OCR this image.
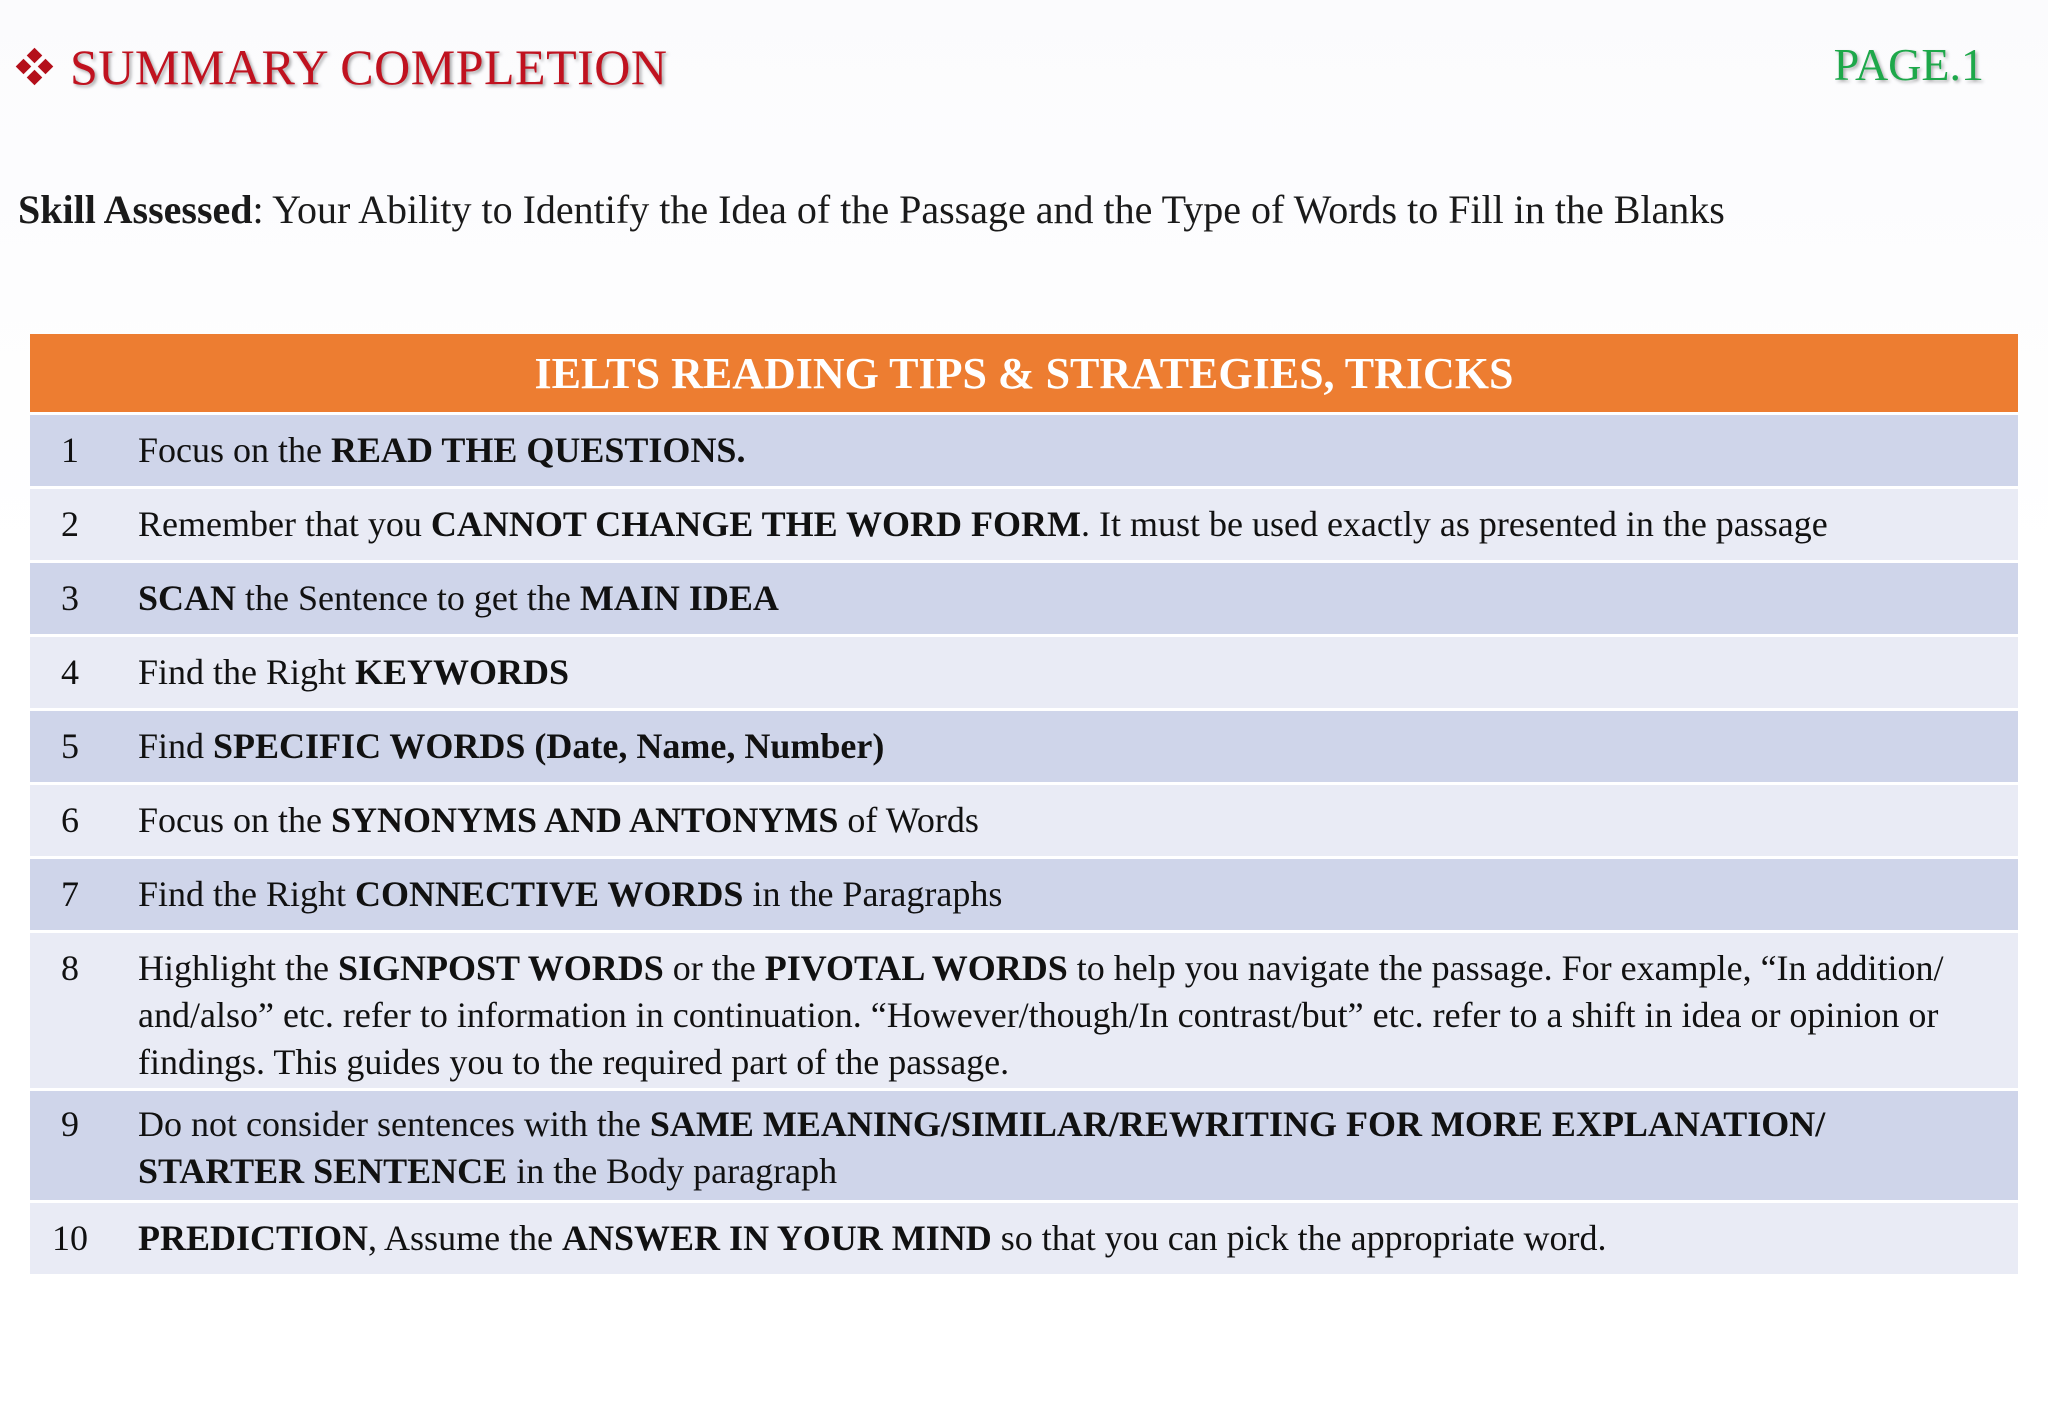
SUMMARY COMPLETION	PAGE.1
Skill Assessed: Your Ability to Identify the Idea of the Passage and the Type of Words to Fill in the Blanks
IELTS READING TIPS & STRATEGIES, TRICKS
1	Focus on the READ THE QUESTIONS.
2	Remember that you CANNOT CHANGE THE WORD FORM. It must be used exactly as presented in the passage
3	SCAN the Sentence to get the MAIN IDEA
4	Find the Right KEYWORDS
5	Find SPECIFIC WORDS (Date, Name, Number)
6	Focus on the SYNONYMS AND ANTONYMS of Words
7	Find the Right CONNECTIVE WORDS in the Paragraphs
8	Highlight the SIGNPOST WORDS or the PIVOTAL WORDS to help you navigate the passage. For example, “In addition/ and/also” etc. refer to information in continuation. “However/though/In contrast/but” etc. refer to a shift in idea or opinion or findings. This guides you to the required part of the passage.
9	Do not consider sentences with the SAME MEANING/SIMILAR/REWRITING FOR MORE EXPLANATION/ STARTER SENTENCE in the Body paragraph
10	PREDICTION, Assume the ANSWER IN YOUR MIND so that you can pick the appropriate word.
